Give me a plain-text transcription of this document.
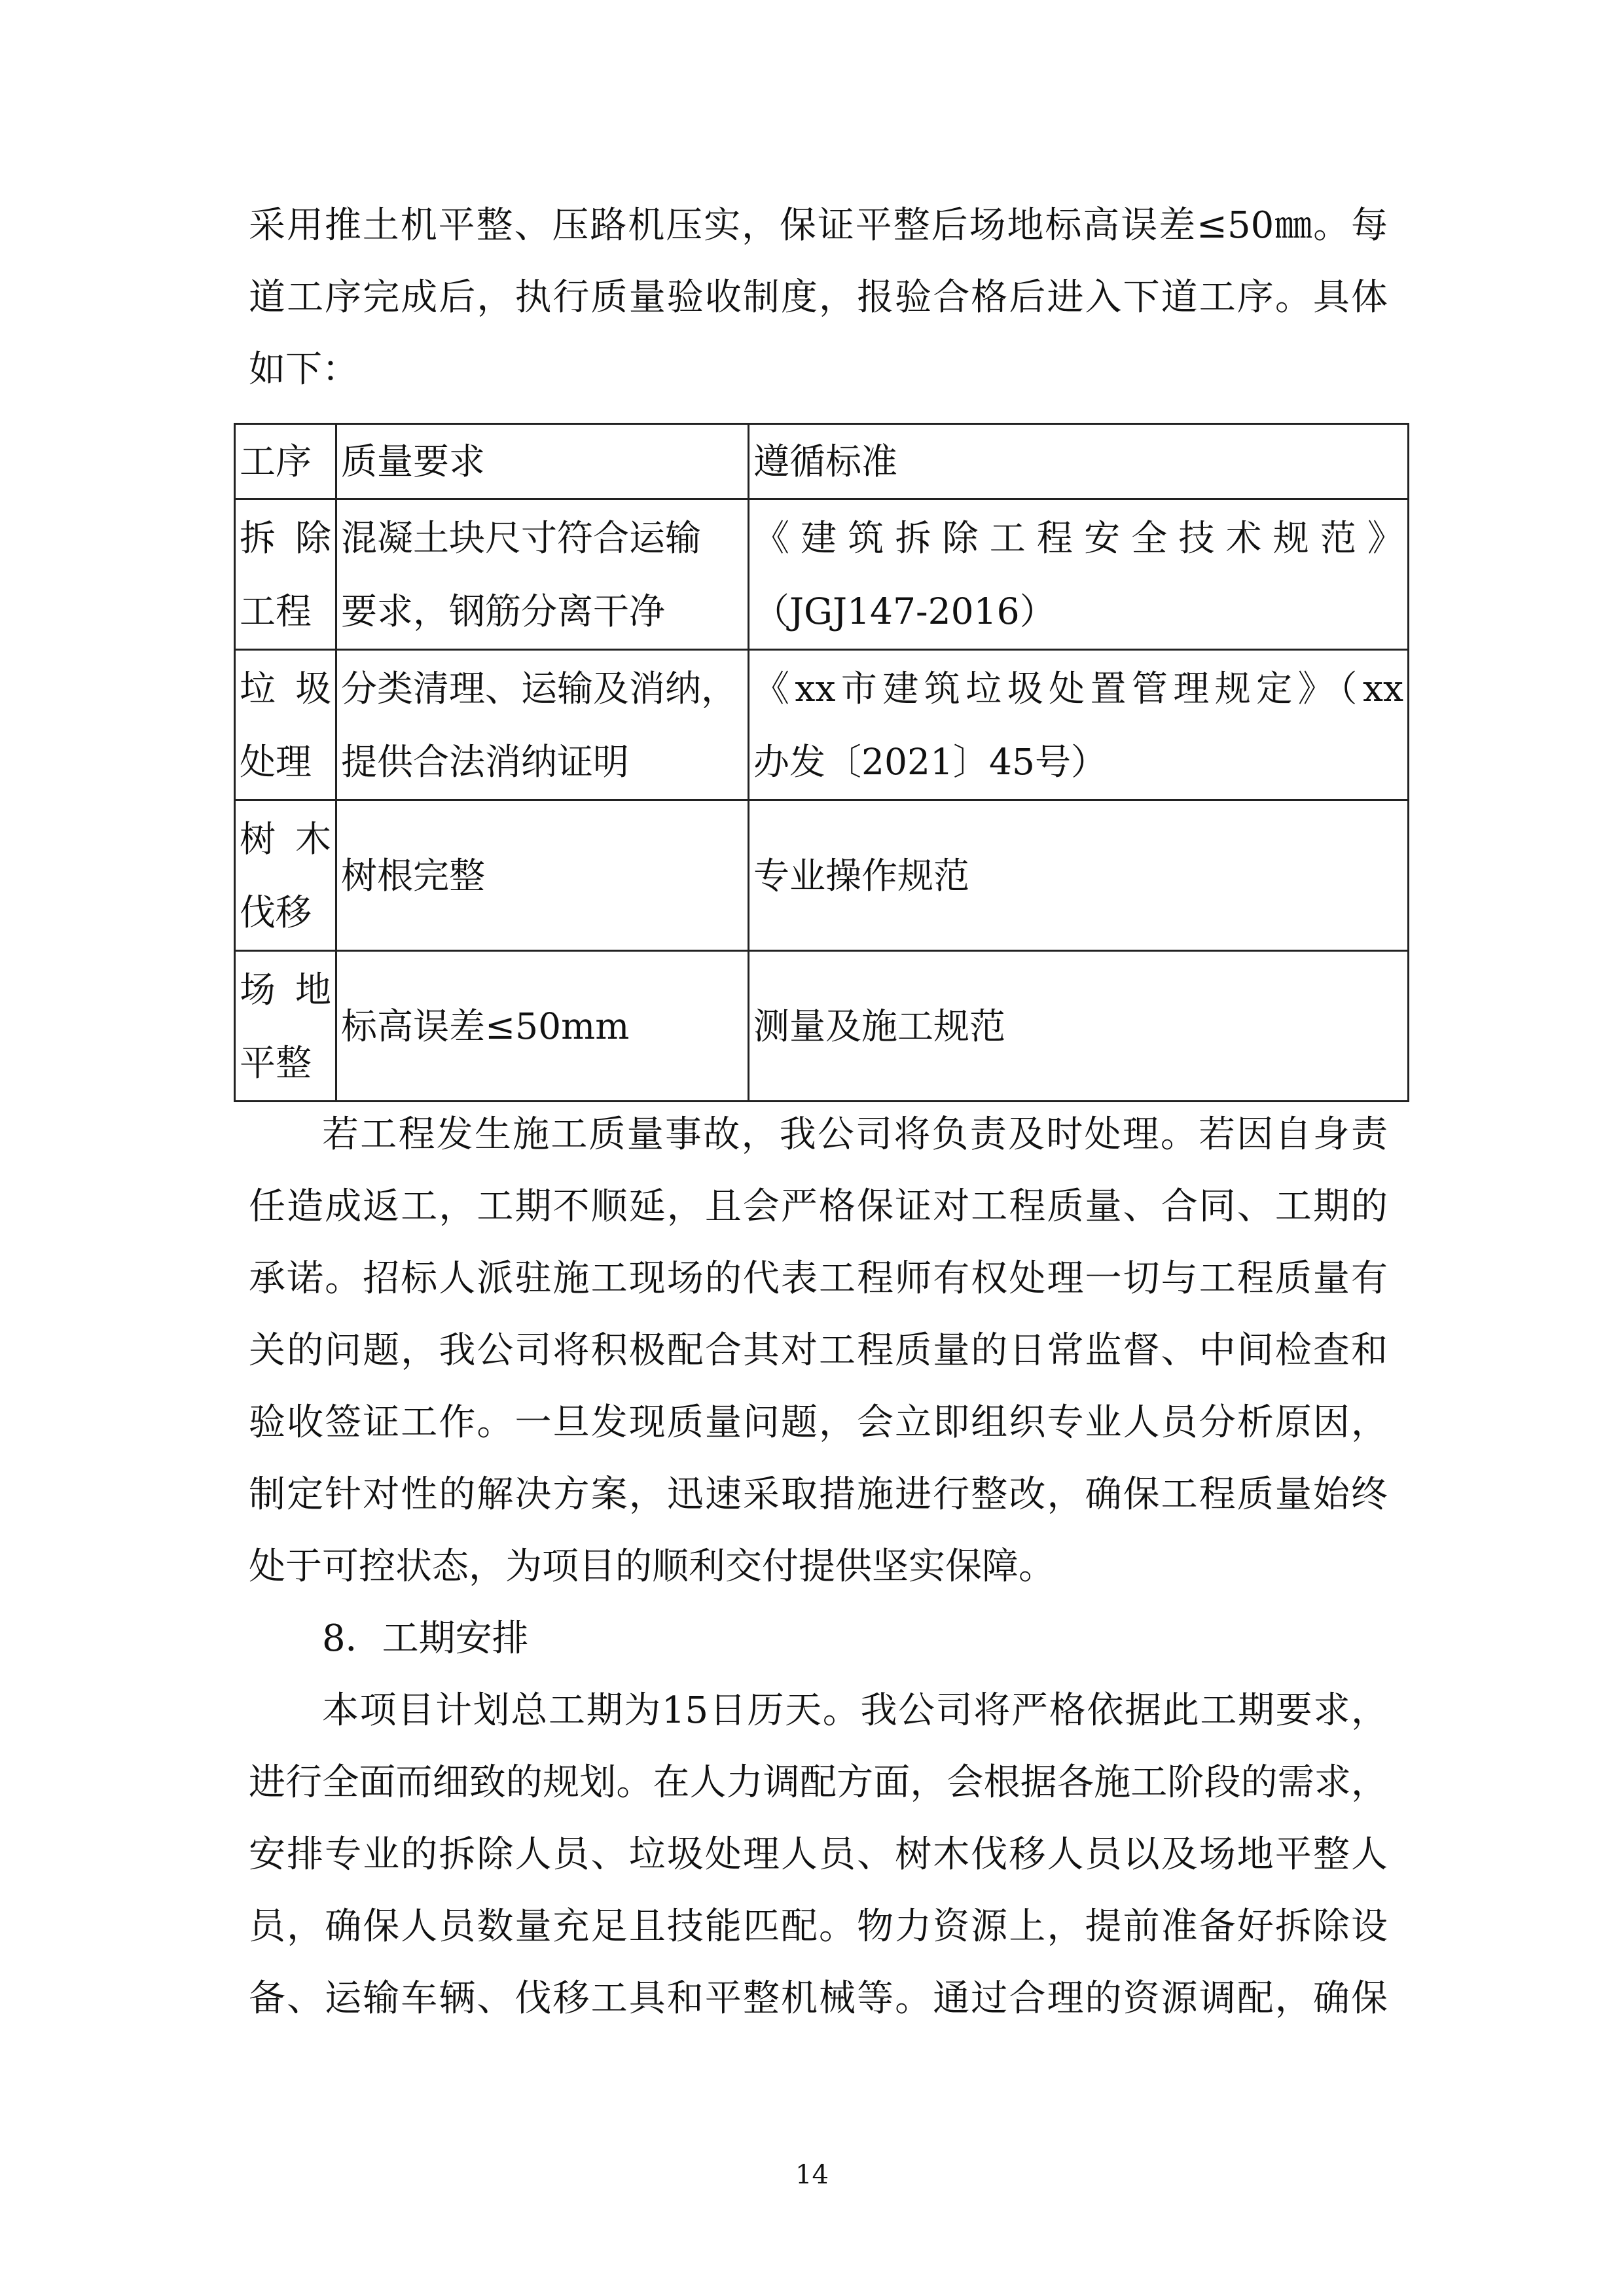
采用推土机平整、压路机压实，保证平整后场地标高误差≤50㎜。每
道工序完成后，执行质量验收制度，报验合格后进入下道工序。具体
如下：
工序	质量要求	遵循标准

拆除
工程	混凝土块尺寸符合运输
要求，钢筋分离干净	《建筑拆除工程安全技术规范》
（JGJ147-2016）

垃圾
处理	分类清理、运输及消纳，
提供合法消纳证明	《xx市建筑垃圾处置管理规定》（xx
办发〔2021〕45号）

树木
伐移	树根完整	专业操作规范

场地
平整	标高误差≤50mm	测量及施工规范
若工程发生施工质量事故，我公司将负责及时处理。若因自身责
任造成返工，工期不顺延，且会严格保证对工程质量、合同、工期的
承诺。招标人派驻施工现场的代表工程师有权处理一切与工程质量有
关的问题，我公司将积极配合其对工程质量的日常监督、中间检查和
验收签证工作。一旦发现质量问题，会立即组织专业人员分析原因，
制定针对性的解决方案，迅速采取措施进行整改，确保工程质量始终
处于可控状态，为项目的顺利交付提供坚实保障。
8．工期安排
本项目计划总工期为15日历天。我公司将严格依据此工期要求，
进行全面而细致的规划。在人力调配方面，会根据各施工阶段的需求，
安排专业的拆除人员、垃圾处理人员、树木伐移人员以及场地平整人
员，确保人员数量充足且技能匹配。物力资源上，提前准备好拆除设
备、运输车辆、伐移工具和平整机械等。通过合理的资源调配，确保
14
